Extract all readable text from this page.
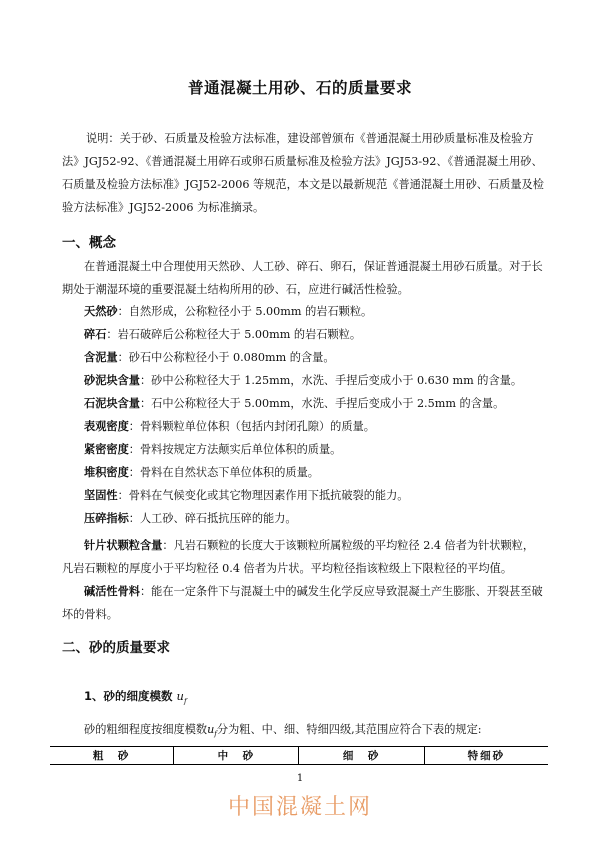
普通混凝土用砂、石的质量要求

说明：关于砂、石质量及检验方法标准，建设部曾颁布《普通混凝土用砂质量标准及检验方法》JGJ52-92、《普通混凝土用碎石或卵石质量标准及检验方法》JGJ53-92、《普通混凝土用砂、石质量及检验方法标准》JGJ52-2006 等规范，本文是以最新规范《普通混凝土用砂、石质量及检验方法标准》JGJ52-2006 为标准摘录。

一、概念

在普通混凝土中合理使用天然砂、人工砂、碎石、卵石，保证普通混凝土用砂石质量。对于长期处于潮湿环境的重要混凝土结构所用的砂、石，应进行碱活性检验。

天然砂：自然形成，公称粒径小于 5.00mm 的岩石颗粒。
碎石：岩石破碎后公称粒径大于 5.00mm 的岩石颗粒。
含泥量：砂石中公称粒径小于 0.080mm 的含量。
砂泥块含量：砂中公称粒径大于 1.25mm，水洗、手捏后变成小于 0.630 mm 的含量。
石泥块含量：石中公称粒径大于 5.00mm，水洗、手捏后变成小于 2.5mm 的含量。
表观密度：骨料颗粒单位体积（包括内封闭孔隙）的质量。
紧密密度：骨料按规定方法颠实后单位体积的质量。
堆积密度：骨料在自然状态下单位体积的质量。
坚固性：骨料在气候变化或其它物理因素作用下抵抗破裂的能力。
压碎指标：人工砂、碎石抵抗压碎的能力。

针片状颗粒含量：凡岩石颗粒的长度大于该颗粒所属粒级的平均粒径 2.4 倍者为针状颗粒，凡岩石颗粒的厚度小于平均粒径 0.4 倍者为片状。平均粒径指该粒级上下限粒径的平均值。

碱活性骨料：能在一定条件下与混凝土中的碱发生化学反应导致混凝土产生膨胀、开裂甚至破坏的骨料。

二、砂的质量要求
1、砂的细度模数 $u_f$
砂的粗细程度按细度模数$u_f$分为粗、中、细、特细四级,其范围应符合下表的规定:
粗　砂	中　砂	细　砂	特细砂
1
中国混凝土网
